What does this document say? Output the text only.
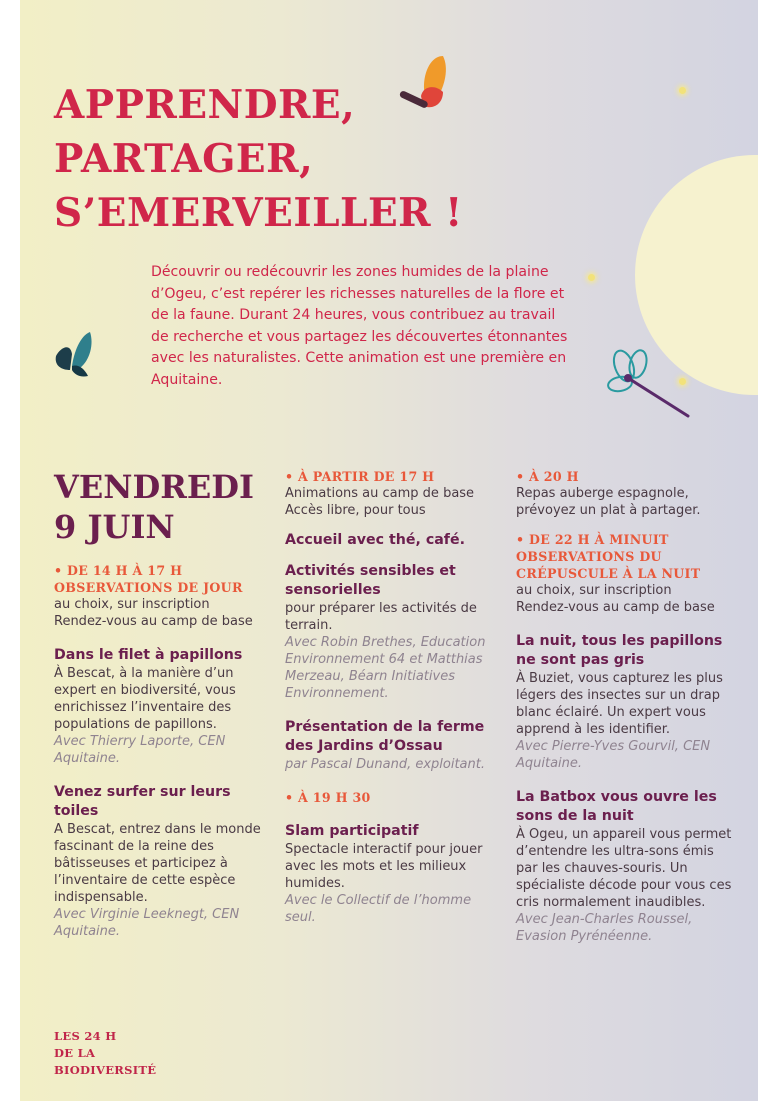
APPRENDRE,
PARTAGER,
S’EMERVEILLER !

Découvrir ou redécouvrir les zones humides de la plaine d’Ogeu, c’est repérer les richesses naturelles de la flore et de la faune. Durant 24 heures, vous contribuez au travail de recherche et vous partagez les découvertes étonnantes avec les naturalistes. Cette animation est une première en Aquitaine.

VENDREDI
9 JUIN
• DE 14 H À 17 H
OBSERVATIONS DE JOUR

au choix, sur inscription

Rendez-vous au camp de base

Dans le filet à papillons

À Bescat, à la manière d’un expert en biodiversité, vous enrichissez l’inventaire des populations de papillons.

Avec Thierry Laporte, CEN Aquitaine.

Venez surfer sur leurs toiles

A Bescat, entrez dans le monde fascinant de la reine des bâtisseuses et participez à l’inventaire de cette espèce indispensable.

Avec Virginie Leeknegt, CEN Aquitaine.

• À PARTIR DE 17 H

Animations au camp de base

Accès libre, pour tous

Accueil avec thé, café.

Activités sensibles et sensorielles

pour préparer les activités de terrain.

Avec Robin Brethes, Education Environnement 64 et Matthias Merzeau, Béarn Initiatives Environnement.

Présentation de la ferme des Jardins d’Ossau

par Pascal Dunand, exploitant.

• À 19 H 30

Slam participatif

Spectacle interactif pour jouer avec les mots et les milieux humides.

Avec le Collectif de l’homme seul.

• À 20 H

Repas auberge espagnole, prévoyez un plat à partager.

• DE 22 H À MINUIT
OBSERVATIONS DU CRÉPUSCULE À LA NUIT

au choix, sur inscription

Rendez-vous au camp de base

La nuit, tous les papillons ne sont pas gris

À Buziet, vous capturez les plus légers des insectes sur un drap blanc éclairé. Un expert vous apprend à les identifier.

Avec Pierre-Yves Gourvil, CEN Aquitaine.

La Batbox vous ouvre les sons de la nuit

À Ogeu, un appareil vous permet d’entendre les ultra-sons émis par les chauves-souris. Un spécialiste décode pour vous ces cris normalement inaudibles.

Avec Jean-Charles Roussel, Evasion Pyrénéenne.

LES 24 H
DE LA
BIODIVERSITÉ
